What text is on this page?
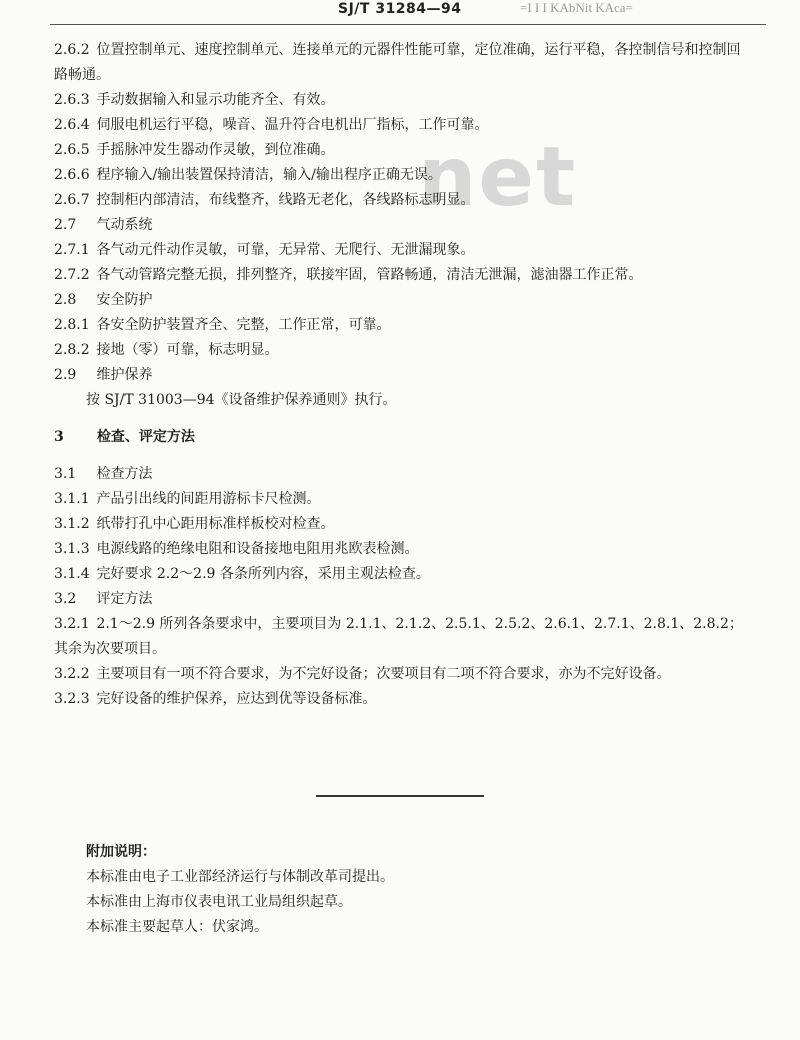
SJ/T 31284—94	=I I I KAbNit KAca=
net
2.6.2 位置控制单元、速度控制单元、连接单元的元器件性能可靠，定位准确，运行平稳，各控制信号和控制回路畅通。
2.6.3 手动数据输入和显示功能齐全、有效。
2.6.4 伺服电机运行平稳，噪音、温升符合电机出厂指标，工作可靠。
2.6.5 手摇脉冲发生器动作灵敏，到位准确。
2.6.6 程序输入/输出装置保持清洁，输入/输出程序正确无误。
2.6.7 控制柜内部清洁，布线整齐，线路无老化，各线路标志明显。
2.7 气动系统
2.7.1 各气动元件动作灵敏，可靠，无异常、无爬行、无泄漏现象。
2.7.2 各气动管路完整无损，排列整齐，联接牢固，管路畅通，清洁无泄漏，滤油器工作正常。
2.8 安全防护
2.8.1 各安全防护装置齐全、完整，工作正常，可靠。
2.8.2 接地（零）可靠，标志明显。
2.9 维护保养
按 SJ/T 31003—94《设备维护保养通则》执行。
3 检查、评定方法
3.1 检查方法
3.1.1 产品引出线的间距用游标卡尺检测。
3.1.2 纸带打孔中心距用标准样板校对检查。
3.1.3 电源线路的绝缘电阻和设备接地电阻用兆欧表检测。
3.1.4 完好要求 2.2～2.9 各条所列内容，采用主观法检查。
3.2 评定方法
3.2.1 2.1～2.9 所列各条要求中，主要项目为 2.1.1、2.1.2、2.5.1、2.5.2、2.6.1、2.7.1、2.8.1、2.8.2；其余为次要项目。
3.2.2 主要项目有一项不符合要求，为不完好设备；次要项目有二项不符合要求，亦为不完好设备。
3.2.3 完好设备的维护保养，应达到优等设备标准。
附加说明：
本标准由电子工业部经济运行与体制改革司提出。
本标准由上海市仪表电讯工业局组织起草。
本标准主要起草人：伏家鸿。
